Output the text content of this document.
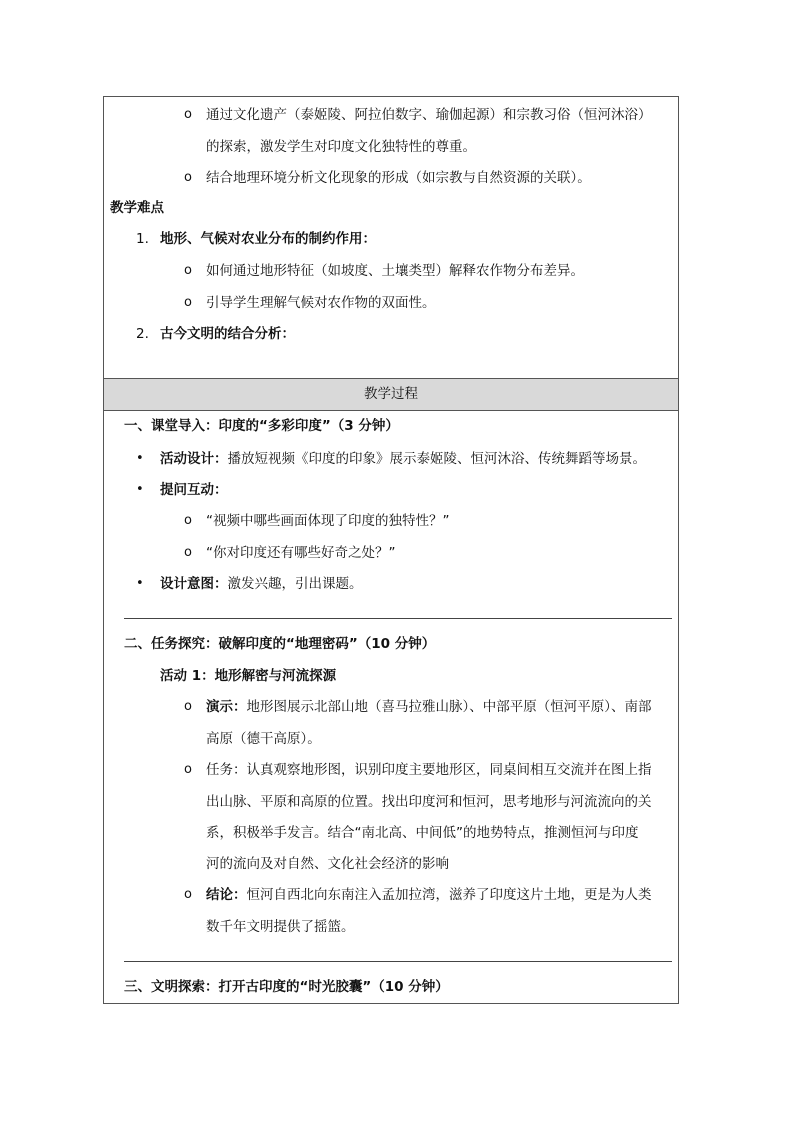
o 通过文化遗产（泰姬陵、阿拉伯数字、瑜伽起源）和宗教习俗（恒河沐浴）
的探索，激发学生对印度文化独特性的尊重。
o 结合地理环境分析文化现象的形成（如宗教与自然资源的关联）。
教学难点
1. 地形、气候对农业分布的制约作用：
o 如何通过地形特征（如坡度、土壤类型）解释农作物分布差异。
o 引导学生理解气候对农作物的双面性。
2. 古今文明的结合分析：
教学过程
一、课堂导入：印度的“多彩印度”（3 分钟）
• 活动设计：播放短视频《印度的印象》展示泰姬陵、恒河沐浴、传统舞蹈等场景。
• 提问互动：
o “视频中哪些画面体现了印度的独特性？”
o “你对印度还有哪些好奇之处？”
• 设计意图：激发兴趣，引出课题。
二、任务探究：破解印度的“地理密码”（10 分钟）
活动 1：地形解密与河流探源
o 演示：地形图展示北部山地（喜马拉雅山脉）、中部平原（恒河平原）、南部
高原（德干高原）。
o 任务：认真观察地形图，识别印度主要地形区，同桌间相互交流并在图上指
出山脉、平原和高原的位置。找出印度河和恒河，思考地形与河流流向的关
系，积极举手发言。结合“南北高、中间低”的地势特点，推测恒河与印度
河的流向及对自然、文化社会经济的影响
o 结论：恒河自西北向东南注入孟加拉湾，滋养了印度这片土地，更是为人类
数千年文明提供了摇篮。
三、文明探索：打开古印度的“时光胶囊”（10 分钟）
